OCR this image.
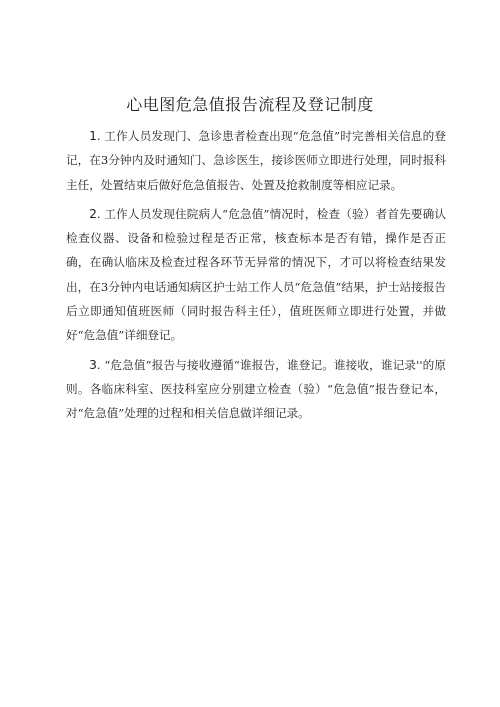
心电图危急值报告流程及登记制度

1. 工作人员发现门、急诊患者检查出现“危急值”时完善相关信息的登记，在3分钟内及时通知门、急诊医生，接诊医师立即进行处理，同时报科主任，处置结束后做好危急值报告、处置及抢救制度等相应记录。

2. 工作人员发现住院病人“危急值”情况时，检查（验）者首先要确认检查仪器、设备和检验过程是否正常，核查标本是否有错，操作是否正确，在确认临床及检查过程各环节无异常的情况下，才可以将检查结果发出，在3分钟内电话通知病区护士站工作人员“危急值”结果，护士站接报告后立即通知值班医师（同时报告科主任），值班医师立即进行处置，并做好“危急值”详细登记。

3. “危急值”报告与接收遵循“谁报告，谁登记。谁接收，谁记录''的原则。各临床科室、医技科室应分别建立检查（验）“危急值”报告登记本，对“危急值”处理的过程和相关信息做详细记录。
